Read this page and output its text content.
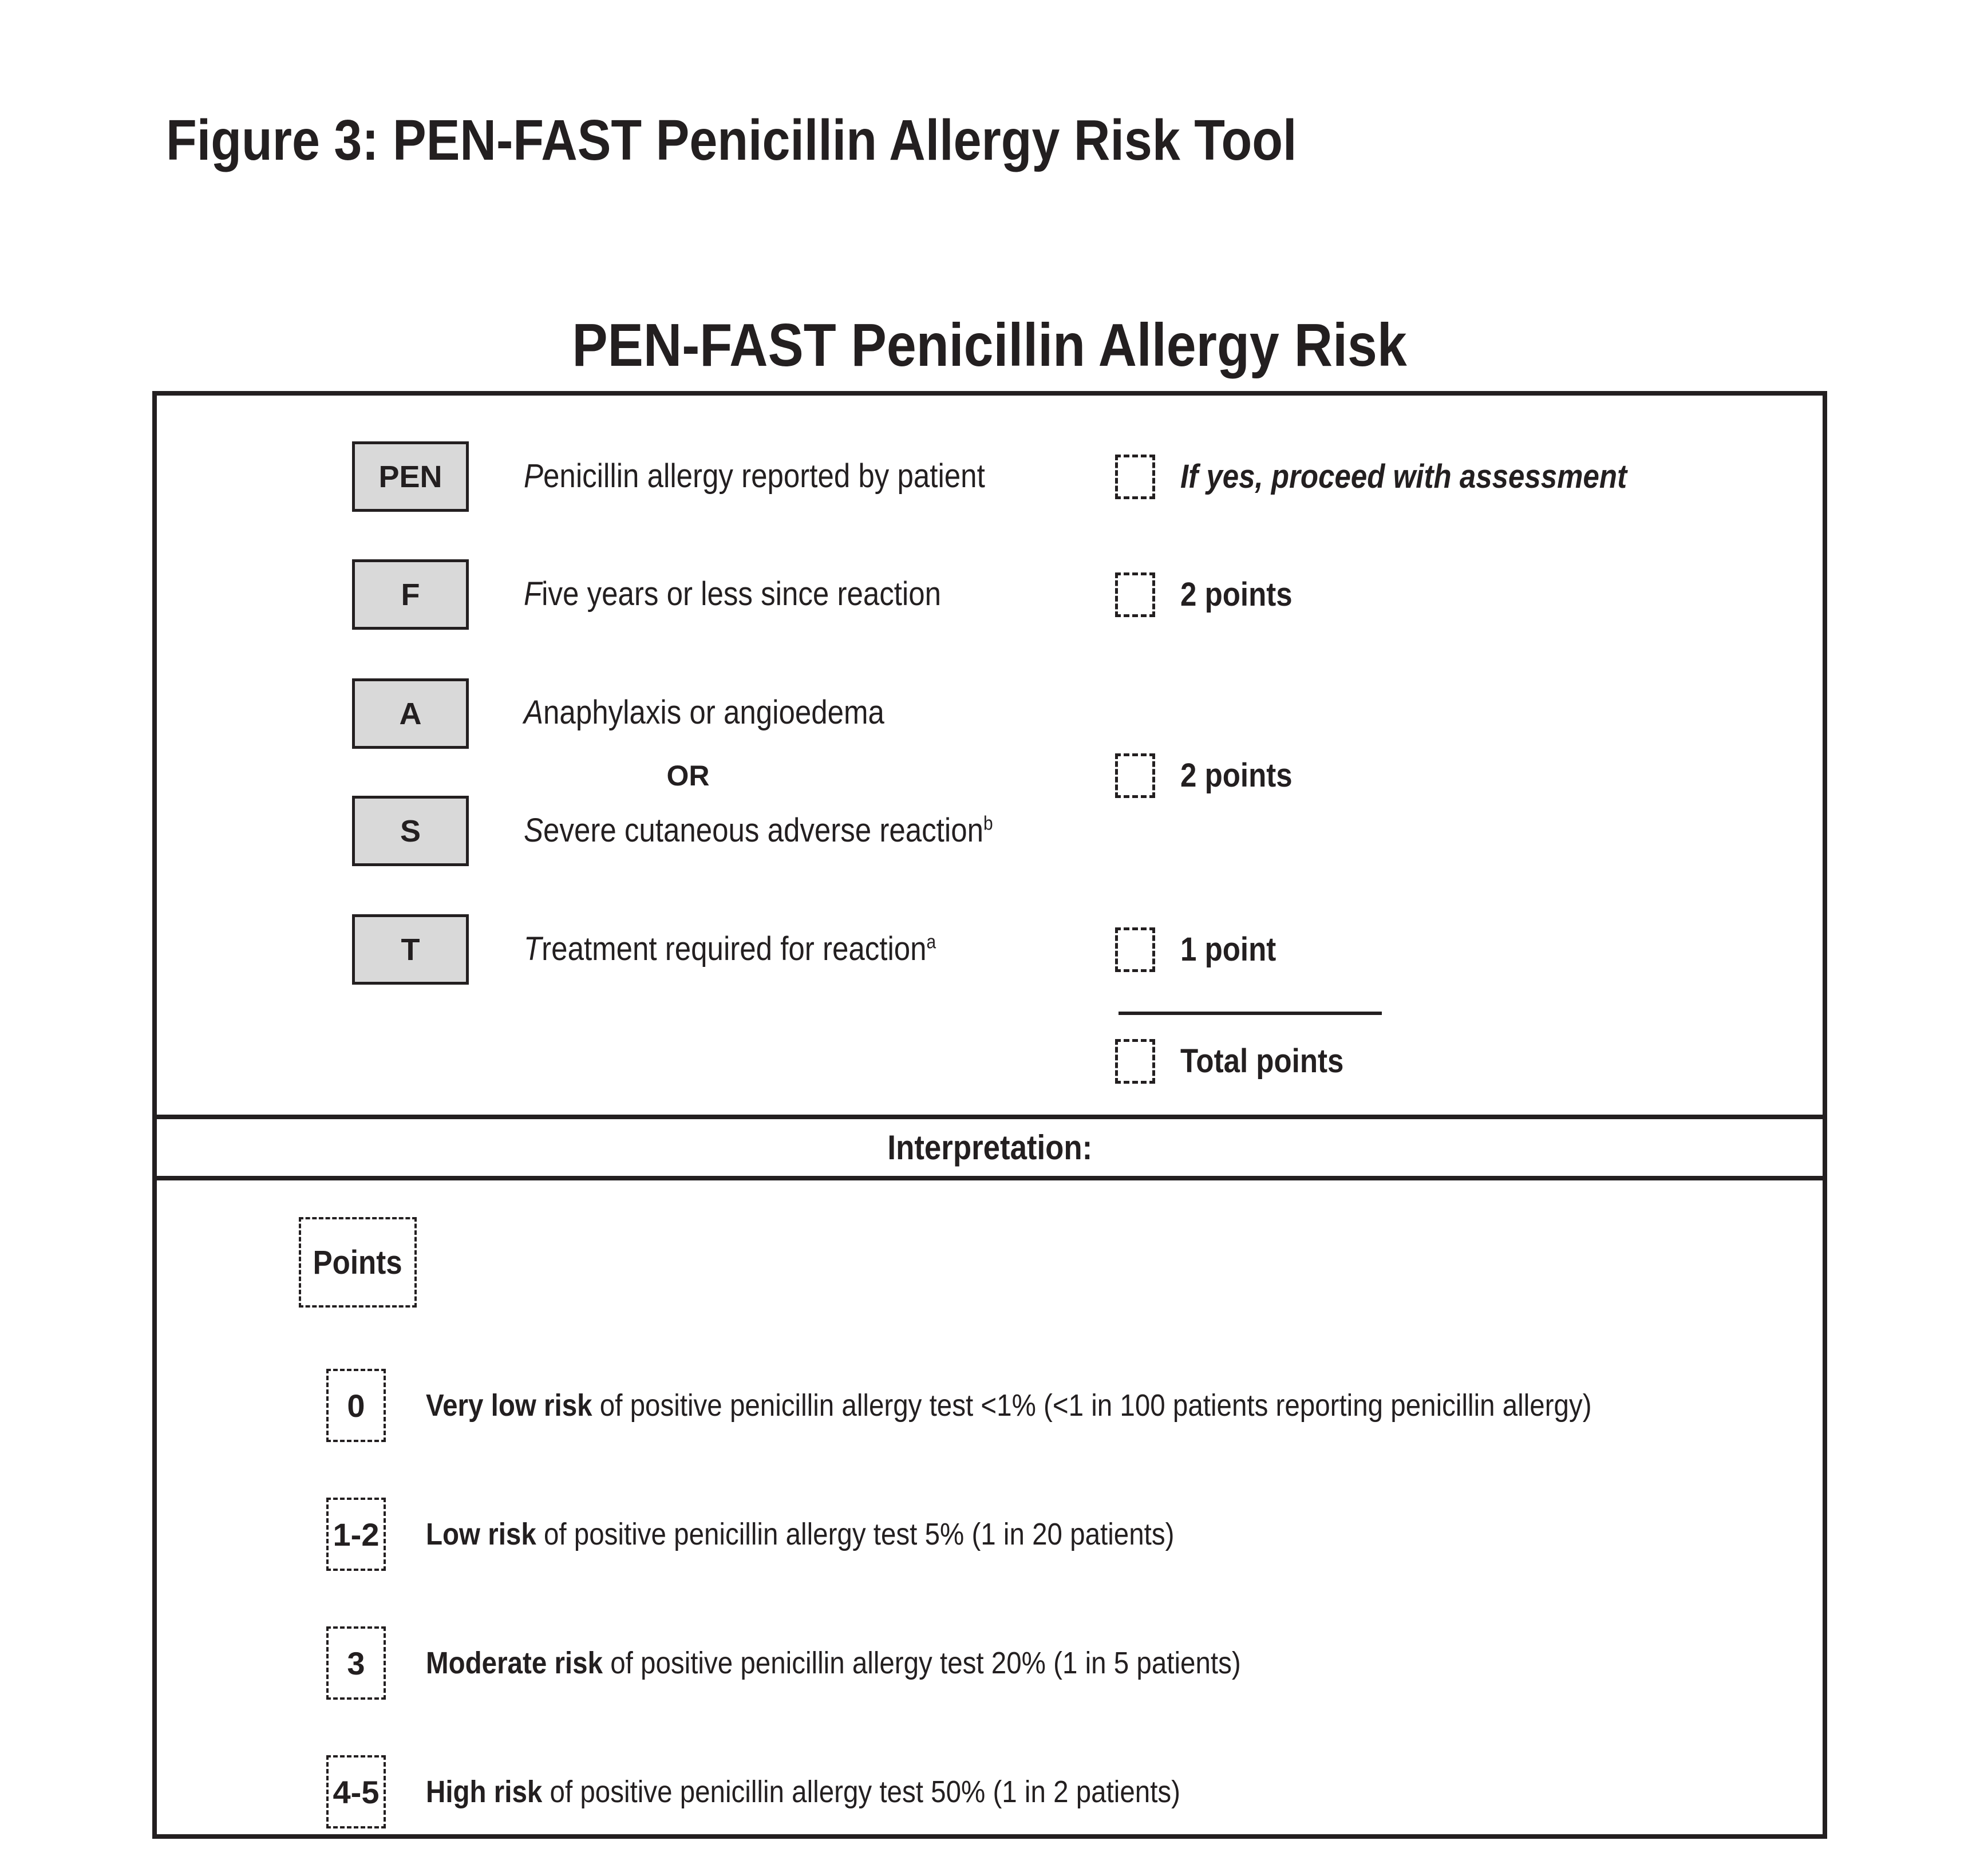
Figure 3: PEN-FAST Penicillin Allergy Risk Tool
PEN-FAST Penicillin Allergy Risk
PEN
F
A
S
T
Penicillin allergy reported by patient
Five years or less since reaction
Anaphylaxis or angioedema
OR
Severe cutaneous adverse reaction$^b$
Treatment required for reaction$^a$
If yes, proceed with assessment
2 points
2 points
1 point
Total points
Interpretation:
Points
0 Very low risk of positive penicillin allergy test <1% (<1 in 100 patients reporting penicillin allergy)
1-2 Low risk of positive penicillin allergy test 5% (1 in 20 patients)
3 Moderate risk of positive penicillin allergy test 20% (1 in 5 patients)
4-5 High risk of positive penicillin allergy test 50% (1 in 2 patients)
